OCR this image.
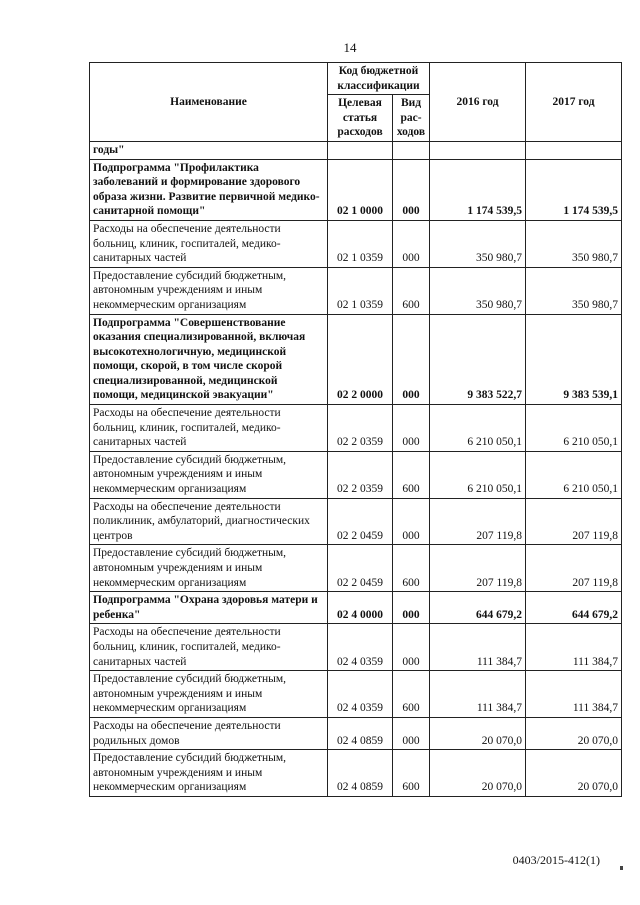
14
Наименование	Код бюджетной классификации		2016 год	2017 год
	Целевая статья расходов	Вид рас-ходов		
годы"				
Подпрограмма "Профилактика заболеваний и формирование здорового образа жизни. Развитие первичной медико-санитарной помощи"	02 1 0000	000	1 174 539,5	1 174 539,5
Расходы на обеспечение деятельности больниц, клиник, госпиталей, медико-санитарных частей	02 1 0359	000	350 980,7	350 980,7
Предоставление субсидий бюджетным, автономным учреждениям и иным некоммерческим организациям	02 1 0359	600	350 980,7	350 980,7
Подпрограмма "Совершенствование оказания специализированной, включая высокотехнологичную, медицинской помощи, скорой, в том числе скорой специализированной, медицинской помощи, медицинской эвакуации"	02 2 0000	000	9 383 522,7	9 383 539,1
Расходы на обеспечение деятельности больниц, клиник, госпиталей, медико-санитарных частей	02 2 0359	000	6 210 050,1	6 210 050,1
Предоставление субсидий бюджетным, автономным учреждениям и иным некоммерческим организациям	02 2 0359	600	6 210 050,1	6 210 050,1
Расходы на обеспечение деятельности поликлиник, амбулаторий, диагностических центров	02 2 0459	000	207 119,8	207 119,8
Предоставление субсидий бюджетным, автономным учреждениям и иным некоммерческим организациям	02 2 0459	600	207 119,8	207 119,8
Подпрограмма "Охрана здоровья матери и ребенка"	02 4 0000	000	644 679,2	644 679,2
Расходы на обеспечение деятельности больниц, клиник, госпиталей, медико-санитарных частей	02 4 0359	000	111 384,7	111 384,7
Предоставление субсидий бюджетным, автономным учреждениям и иным некоммерческим организациям	02 4 0359	600	111 384,7	111 384,7
Расходы на обеспечение деятельности родильных домов	02 4 0859	000	20 070,0	20 070,0
Предоставление субсидий бюджетным, автономным учреждениям и иным некоммерческим организациям	02 4 0859	600	20 070,0	20 070,0
0403/2015-412(1)
